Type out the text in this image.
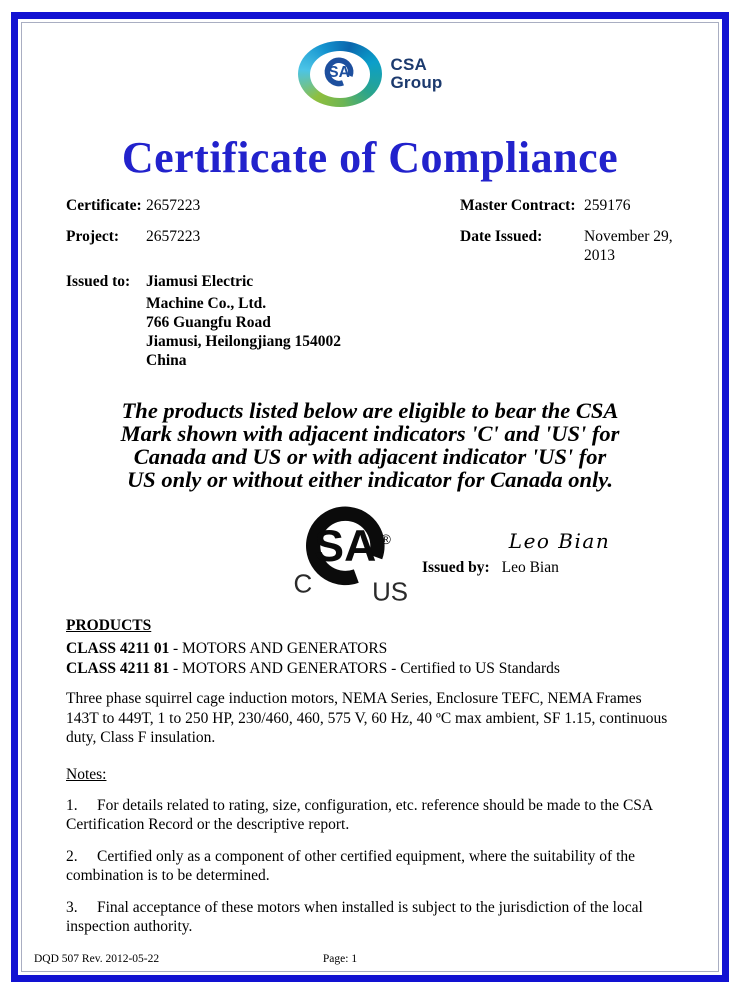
SA CSA
Group
Certificate of Compliance
Certificate: 2657223	Master Contract: 259176
Project:	2657223	Date Issued:	November 29, 2013
Issued to:	Jiamusi Electric
Machine Co., Ltd.
766 Guangfu Road
Jiamusi, Heilongjiang 154002
China
The products listed below are eligible to bear the CSA
Mark shown with adjacent indicators 'C' and 'US' for
Canada and US or with adjacent indicator 'US' for
US only or without either indicator for Canada only.
SA ®
C US
Leo Bian
Issued by: Leo Bian
PRODUCTS
CLASS 4211 01 - MOTORS AND GENERATORS
CLASS 4211 81 - MOTORS AND GENERATORS - Certified to US Standards
Three phase squirrel cage induction motors, NEMA Series, Enclosure TEFC, NEMA Frames 143T to 449T, 1 to 250 HP, 230/460, 460, 575 V, 60 Hz, 40 ºC max ambient, SF 1.15, continuous duty, Class F insulation.
Notes:
1.     For details related to rating, size, configuration, etc. reference should be made to the CSA Certification Record or the descriptive report.
2.     Certified only as a component of other certified equipment, where the suitability of the combination is to be determined.
3.     Final acceptance of these motors when installed is subject to the jurisdiction of the local inspection authority.
DQD 507 Rev. 2012-05-22	Page: 1
